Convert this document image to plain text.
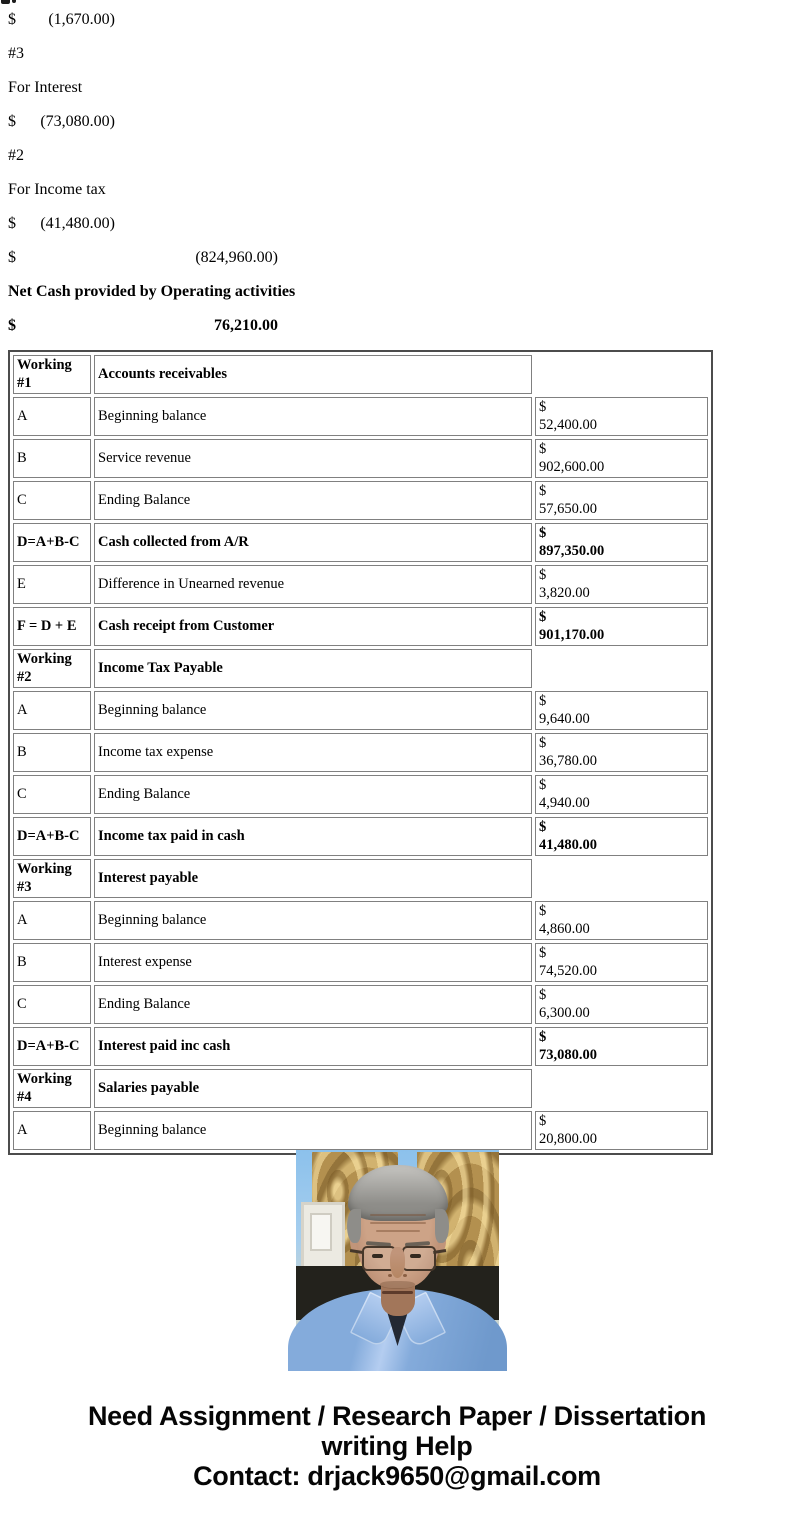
$ (1,670.00)

#3

For Interest

$ (73,080.00)

#2

For Income tax

$ (41,480.00)

$	(824,960.00)

Net Cash provided by Operating activities

$	76,210.00

Working #1	Accounts receivables	
A	Beginning balance	$
52,400.00

B	Service revenue	$
902,600.00

C	Ending Balance	$
57,650.00

D=A+B-C	Cash collected from A/R	$
897,350.00

E	Difference in Unearned revenue	$
3,820.00

F = D + E	Cash receipt from Customer	$
901,170.00

Working #2	Income Tax Payable	
A	Beginning balance	$
9,640.00

B	Income tax expense	$
36,780.00

C	Ending Balance	$
4,940.00

D=A+B-C	Income tax paid in cash	$
41,480.00

Working #3	Interest payable	
A	Beginning balance	$
4,860.00

B	Interest expense	$
74,520.00

C	Ending Balance	$
6,300.00

D=A+B-C	Interest paid inc cash	$
73,080.00

Working #4	Salaries payable	
A	Beginning balance	$
20,800.00
Need Assignment / Research Paper / Dissertation
writing Help
Contact: drjack9650@gmail.com
